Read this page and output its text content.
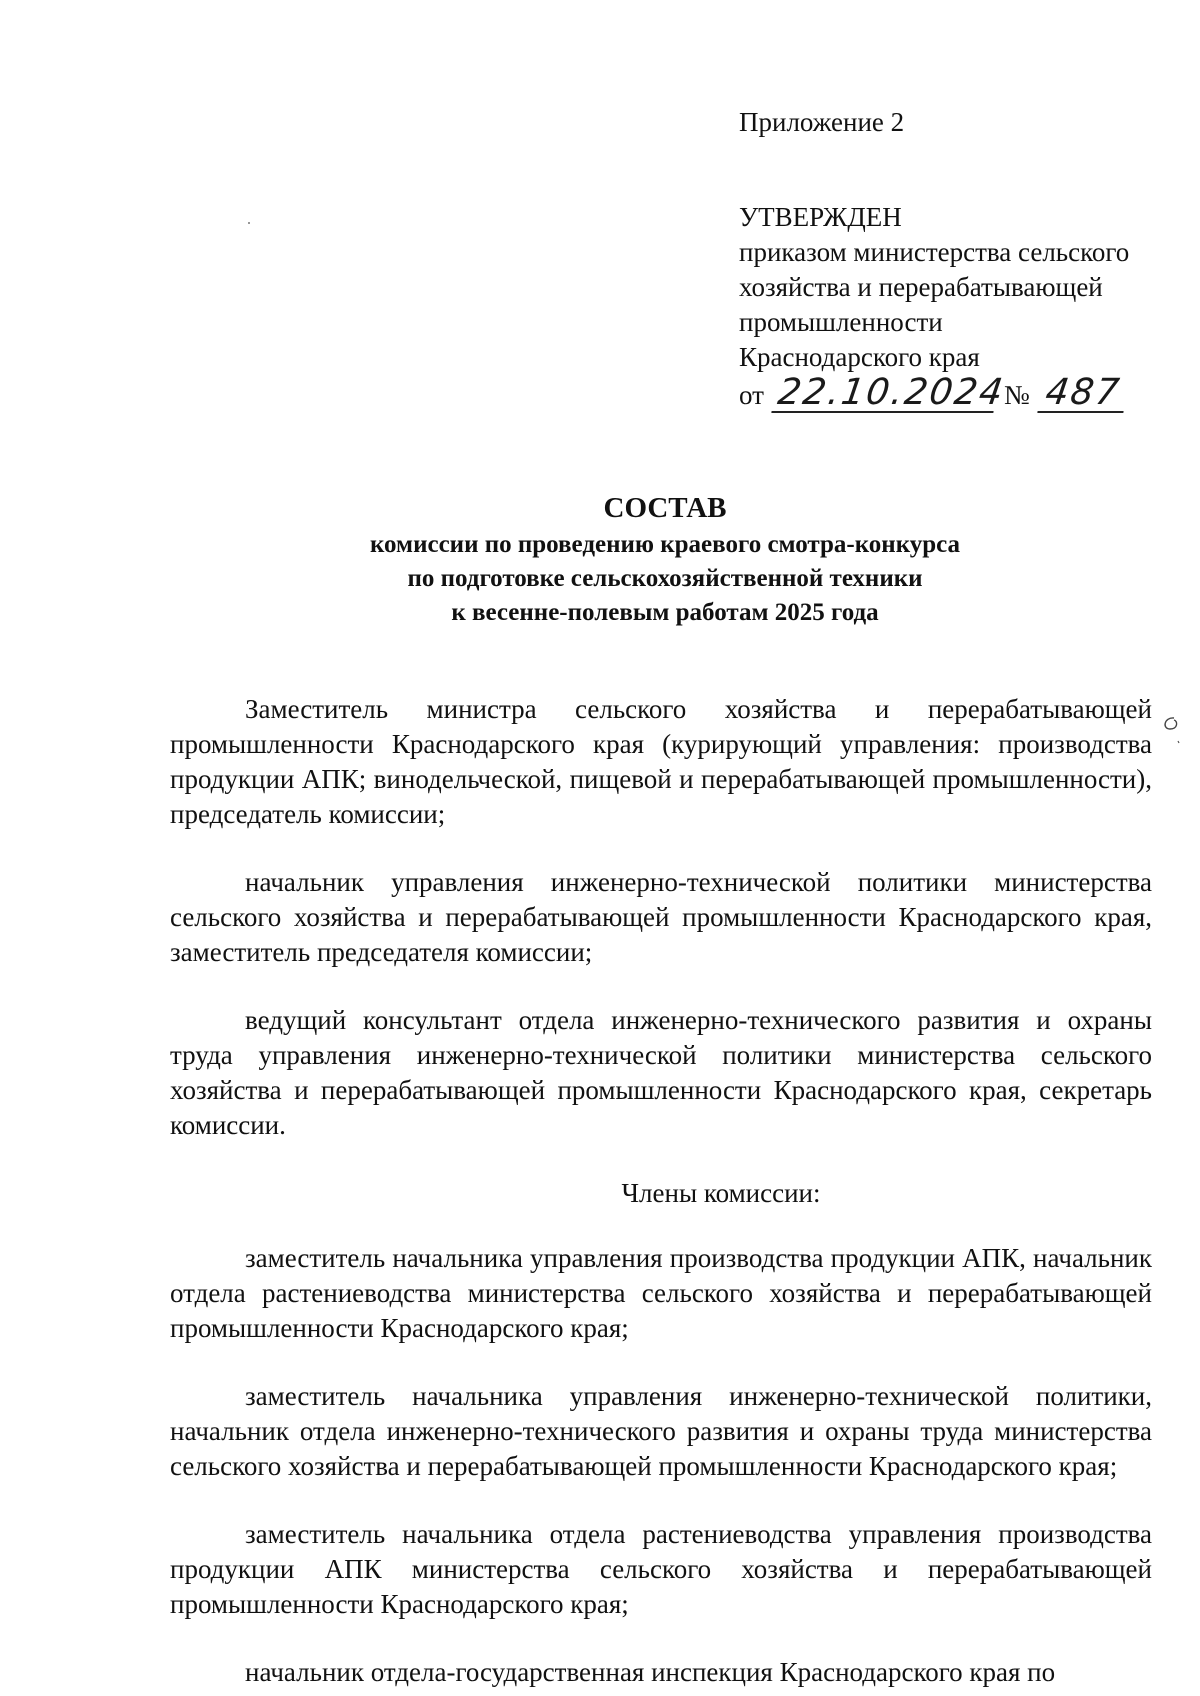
Приложение 2
УТВЕРЖДЕН
приказом министерства сельского
хозяйства и перерабатывающей
промышленности
Краснодарского края
от 22.10.2024
№ 487
СОСТАВ
комиссии по проведению краевого смотра-конкурса
по подготовке сельскохозяйственной техники
к весенне-полевым работам 2025 года

Заместитель министра сельского хозяйства и перерабатывающей промышленности Краснодарского края (курирующий управления: производства продукции АПК; винодельческой, пищевой и перерабатывающей промышленности), председатель комиссии;

начальник управления инженерно-технической политики министерства сельского хозяйства и перерабатывающей промышленности Краснодарского края, заместитель председателя комиссии;

ведущий консультант отдела инженерно-технического развития и охраны труда управления инженерно-технической политики министерства сельского хозяйства и перерабатывающей промышленности Краснодарского края, секретарь комиссии.

Члены комиссии:

заместитель начальника управления производства продукции АПК, начальник отдела растениеводства министерства сельского хозяйства и перерабатывающей промышленности Краснодарского края;

заместитель начальника управления инженерно-технической политики, начальник отдела инженерно-технического развития и охраны труда министерства сельского хозяйства и перерабатывающей промышленности Краснодарского края;

заместитель начальника отдела растениеводства управления производства продукции АПК министерства сельского хозяйства и перерабатывающей промышленности Краснодарского края;

начальник отдела-государственная инспекция Краснодарского края по
